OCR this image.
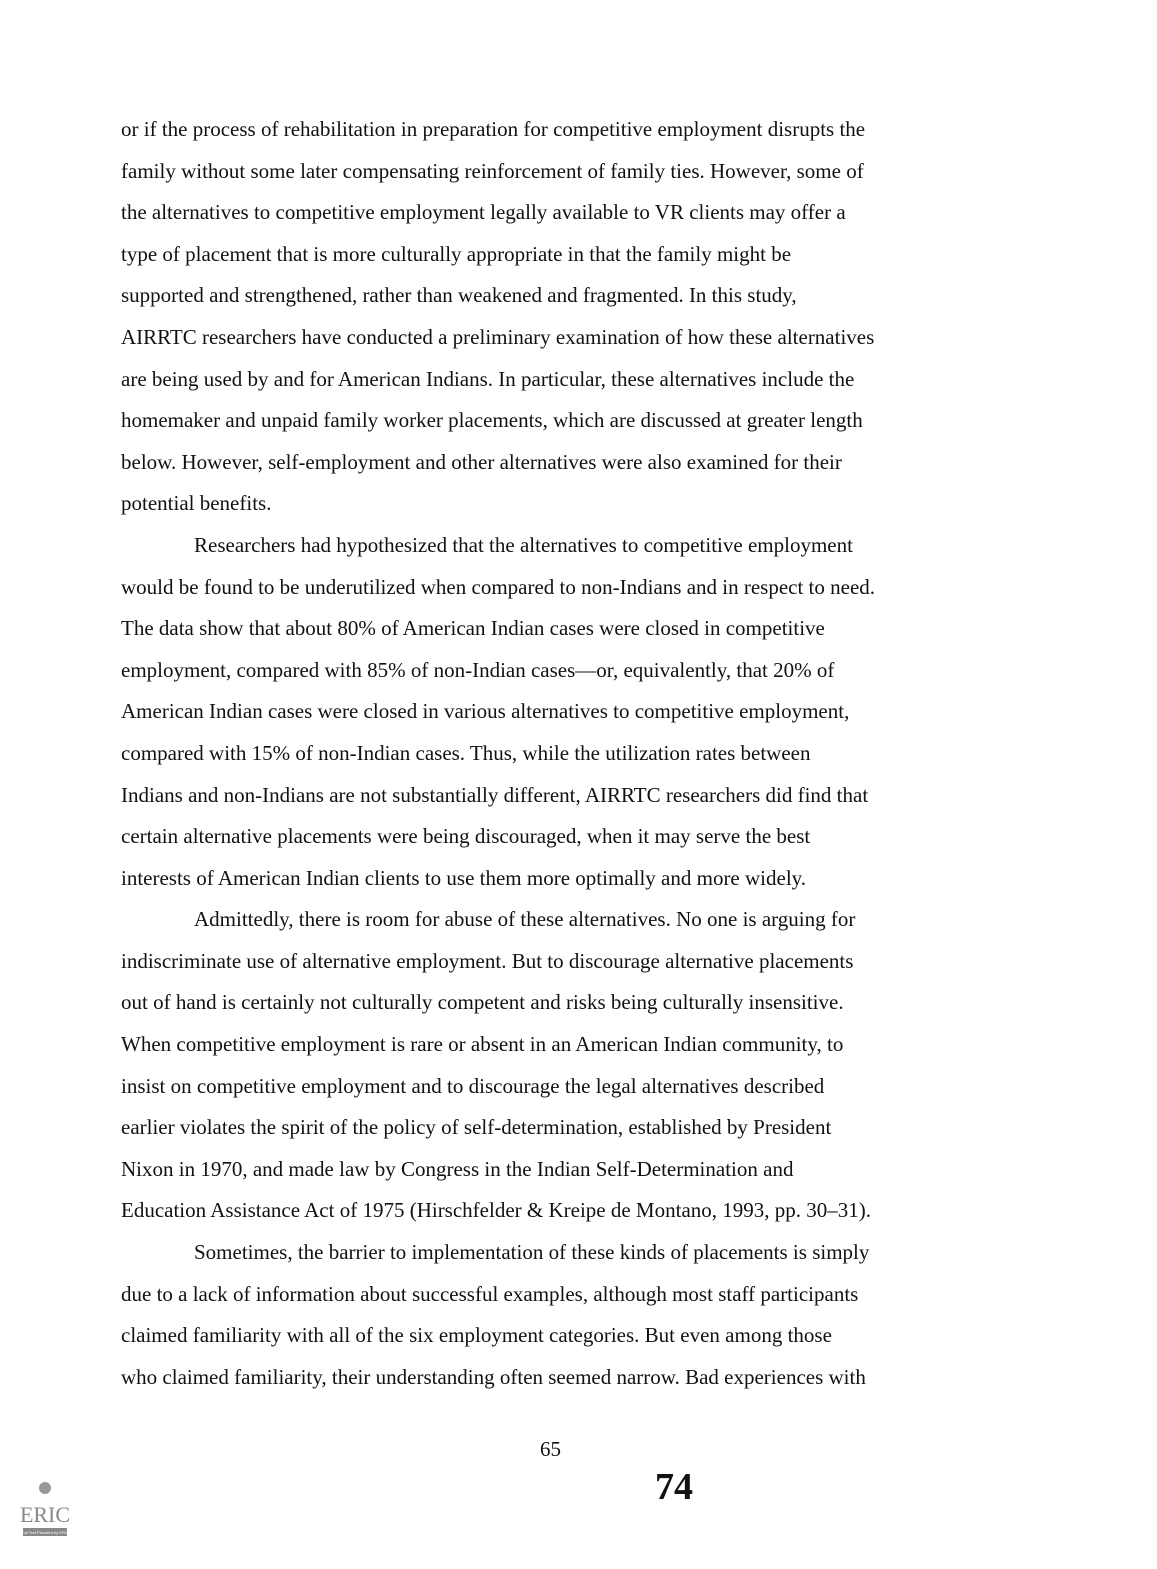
or if the process of rehabilitation in preparation for competitive employment disrupts the
family without some later compensating reinforcement of family ties. However, some of
the alternatives to competitive employment legally available to VR clients may offer a
type of placement that is more culturally appropriate in that the family might be
supported and strengthened, rather than weakened and fragmented. In this study,
AIRRTC researchers have conducted a preliminary examination of how these alternatives
are being used by and for American Indians. In particular, these alternatives include the
homemaker and unpaid family worker placements, which are discussed at greater length
below. However, self-employment and other alternatives were also examined for their
potential benefits.
Researchers had hypothesized that the alternatives to competitive employment
would be found to be underutilized when compared to non-Indians and in respect to need.
The data show that about 80% of American Indian cases were closed in competitive
employment, compared with 85% of non-Indian cases—or, equivalently, that 20% of
American Indian cases were closed in various alternatives to competitive employment,
compared with 15% of non-Indian cases. Thus, while the utilization rates between
Indians and non-Indians are not substantially different, AIRRTC researchers did find that
certain alternative placements were being discouraged, when it may serve the best
interests of American Indian clients to use them more optimally and more widely.
Admittedly, there is room for abuse of these alternatives. No one is arguing for
indiscriminate use of alternative employment. But to discourage alternative placements
out of hand is certainly not culturally competent and risks being culturally insensitive.
When competitive employment is rare or absent in an American Indian community, to
insist on competitive employment and to discourage the legal alternatives described
earlier violates the spirit of the policy of self-determination, established by President
Nixon in 1970, and made law by Congress in the Indian Self-Determination and
Education Assistance Act of 1975 (Hirschfelder & Kreipe de Montano, 1993, pp. 30–31).
Sometimes, the barrier to implementation of these kinds of placements is simply
due to a lack of information about successful examples, although most staff participants
claimed familiarity with all of the six employment categories. But even among those
who claimed familiarity, their understanding often seemed narrow. Bad experiences with
65
74
ERIC
Full Text Provided by ERIC
